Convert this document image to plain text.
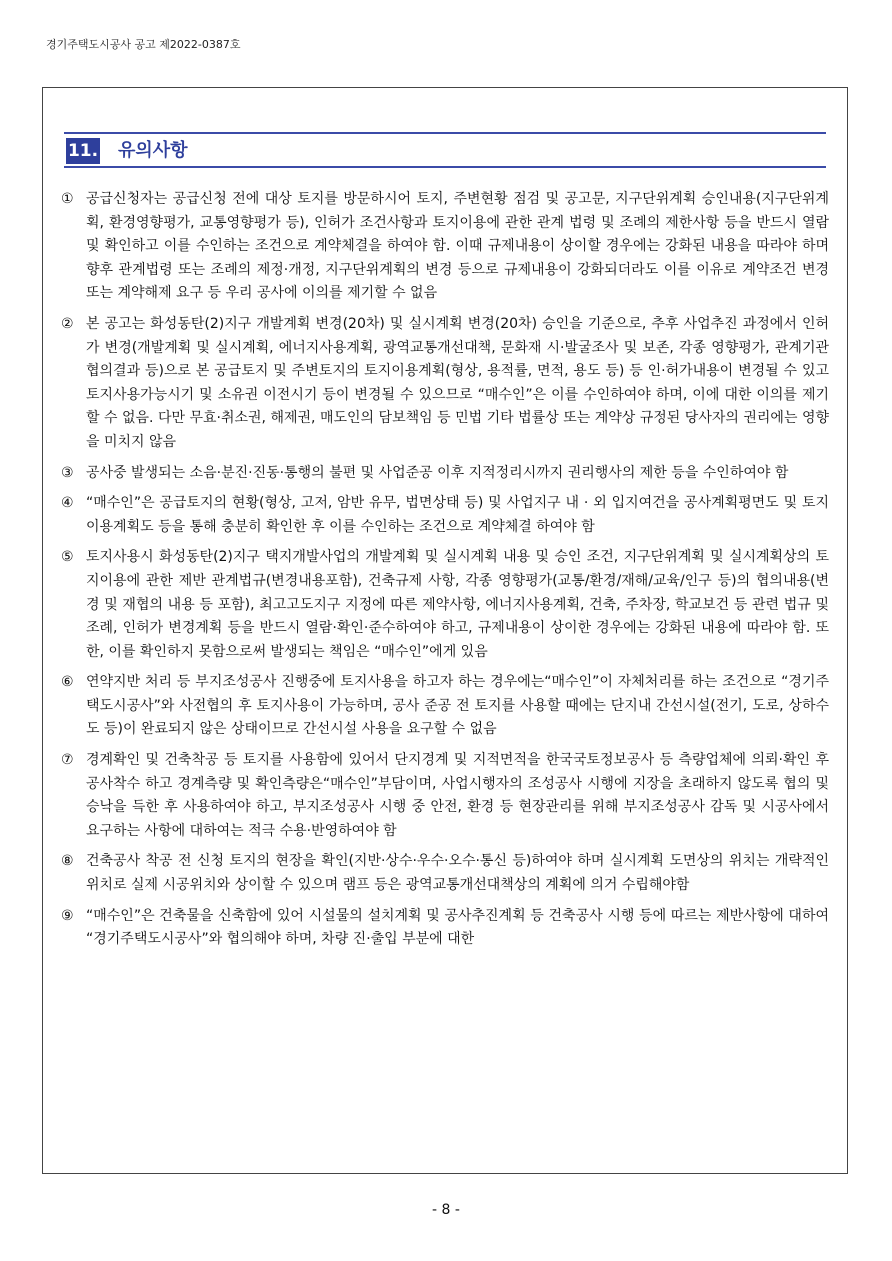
경기주택도시공사 공고 제2022-0387호
11. 유의사항
① 공급신청자는 공급신청 전에 대상 토지를 방문하시어 토지, 주변현황 점검 및 공고문, 지구단위계획 승인내용(지구단위계획, 환경영향평가, 교통영향평가 등), 인허가 조건사항과 토지이용에 관한 관계 법령 및 조례의 제한사항 등을 반드시 열람 및 확인하고 이를 수인하는 조건으로 계약체결을 하여야 함. 이때 규제내용이 상이할 경우에는 강화된 내용을 따라야 하며 향후 관계법령 또는 조례의 제정·개정, 지구단위계획의 변경 등으로 규제내용이 강화되더라도 이를 이유로 계약조건 변경 또는 계약해제 요구 등 우리 공사에 이의를 제기할 수 없음
② 본 공고는 화성동탄(2)지구 개발계획 변경(20차) 및 실시계획 변경(20차) 승인을 기준으로, 추후 사업추진 과정에서 인허가 변경(개발계획 및 실시계획, 에너지사용계획, 광역교통개선대책, 문화재 시·발굴조사 및 보존, 각종 영향평가, 관계기관 협의결과 등)으로 본 공급토지 및 주변토지의 토지이용계획(형상, 용적률, 면적, 용도 등) 등 인·허가내용이 변경될 수 있고 토지사용가능시기 및 소유권 이전시기 등이 변경될 수 있으므로 “매수인”은 이를 수인하여야 하며, 이에 대한 이의를 제기할 수 없음. 다만 무효·취소권, 해제권, 매도인의 담보책임 등 민법 기타 법률상 또는 계약상 규정된 당사자의 권리에는 영향을 미치지 않음
③ 공사중 발생되는 소음·분진·진동·통행의 불편 및 사업준공 이후 지적정리시까지 권리행사의 제한 등을 수인하여야 함
④ “매수인”은 공급토지의 현황(형상, 고저, 암반 유무, 법면상태 등) 및 사업지구 내 · 외 입지여건을 공사계획평면도 및 토지이용계획도 등을 통해 충분히 확인한 후 이를 수인하는 조건으로 계약체결 하여야 함
⑤ 토지사용시 화성동탄(2)지구 택지개발사업의 개발계획 및 실시계획 내용 및 승인 조건, 지구단위계획 및 실시계획상의 토지이용에 관한 제반 관계법규(변경내용포함), 건축규제 사항, 각종 영향평가(교통/환경/재해/교육/인구 등)의 협의내용(변경 및 재협의 내용 등 포함), 최고고도지구 지정에 따른 제약사항, 에너지사용계획, 건축, 주차장, 학교보건 등 관련 법규 및 조례, 인허가 변경계획 등을 반드시 열람·확인·준수하여야 하고, 규제내용이 상이한 경우에는 강화된 내용에 따라야 함. 또한, 이를 확인하지 못함으로써 발생되는 책임은 “매수인”에게 있음
⑥ 연약지반 처리 등 부지조성공사 진행중에 토지사용을 하고자 하는 경우에는“매수인”이 자체처리를 하는 조건으로 “경기주택도시공사”와 사전협의 후 토지사용이 가능하며, 공사 준공 전 토지를 사용할 때에는 단지내 간선시설(전기, 도로, 상하수도 등)이 완료되지 않은 상태이므로 간선시설 사용을 요구할 수 없음
⑦ 경계확인 및 건축착공 등 토지를 사용함에 있어서 단지경계 및 지적면적을 한국국토정보공사 등 측량업체에 의뢰·확인 후 공사착수 하고 경계측량 및 확인측량은“매수인”부담이며, 사업시행자의 조성공사 시행에 지장을 초래하지 않도록 협의 및 승낙을 득한 후 사용하여야 하고, 부지조성공사 시행 중 안전, 환경 등 현장관리를 위해 부지조성공사 감독 및 시공사에서 요구하는 사항에 대하여는 적극 수용·반영하여야 함
⑧ 건축공사 착공 전 신청 토지의 현장을 확인(지반·상수·우수·오수·통신 등)하여야 하며 실시계획 도면상의 위치는 개략적인 위치로 실제 시공위치와 상이할 수 있으며 램프 등은 광역교통개선대책상의 계획에 의거 수립해야함
⑨ “매수인”은 건축물을 신축함에 있어 시설물의 설치계획 및 공사추진계획 등 건축공사 시행 등에 따르는 제반사항에 대하여 “경기주택도시공사”와 협의해야 하며, 차량 진·출입 부분에 대한
- 8 -
